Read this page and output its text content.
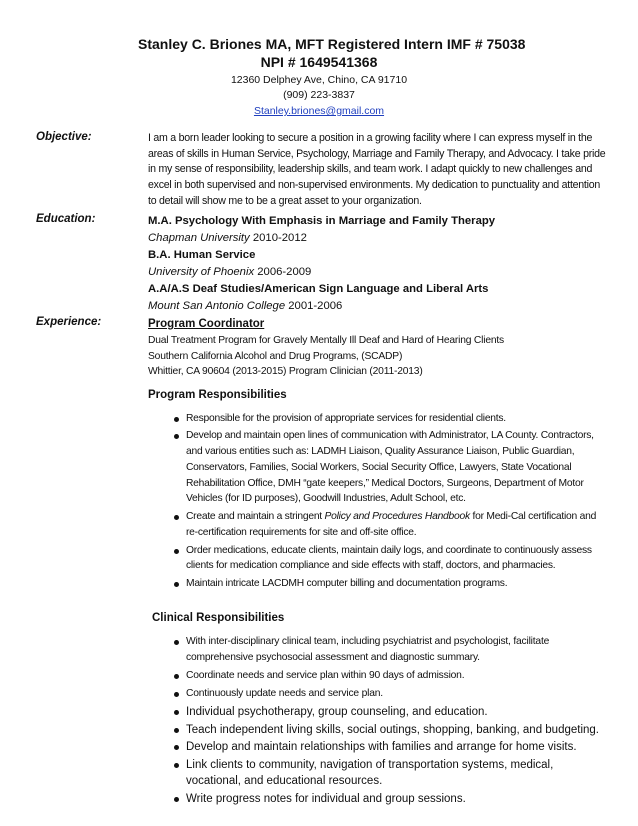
Stanley C. Briones MA, MFT Registered Intern IMF # 75038
NPI # 1649541368
12360 Delphey Ave, Chino, CA 91710
(909) 223-3837
Stanley.briones@gmail.com
Objective:	I am a born leader looking to secure a position in a growing facility where I can express myself in the areas of skills in Human Service, Psychology, Marriage and Family Therapy, and Advocacy. I take pride in my sense of responsibility, leadership skills, and team work. I adapt quickly to new challenges and excel in both supervised and non-supervised environments. My dedication to punctuality and attention to detail will show me to be a great asset to your organization.
Education:	M.A. Psychology With Emphasis in Marriage and Family Therapy
Chapman University 2010-2012
B.A. Human Service
University of Phoenix 2006-2009
A.A/A.S Deaf Studies/American Sign Language and Liberal Arts
Mount San Antonio College 2001-2006
Experience:	Program Coordinator
Dual Treatment Program for Gravely Mentally Ill Deaf and Hard of Hearing Clients
Southern California Alcohol and Drug Programs, (SCADP)
Whittier, CA 90604 (2013-2015) Program Clinician (2011-2013)
Program Responsibilities
Responsible for the provision of appropriate services for residential clients.
Develop and maintain open lines of communication with Administrator, LA County. Contractors, and various entities such as: LADMH Liaison, Quality Assurance Liaison, Public Guardian, Conservators, Families, Social Workers, Social Security Office, Lawyers, State Vocational Rehabilitation Office, DMH “gate keepers,” Medical Doctors, Surgeons, Department of Motor Vehicles (for ID purposes), Goodwill Industries, Adult School, etc.
Create and maintain a stringent Policy and Procedures Handbook for Medi-Cal certification and re-certification requirements for site and off-site office.
Order medications, educate clients, maintain daily logs, and coordinate to continuously assess clients for medication compliance and side effects with staff, doctors, and pharmacies.
Maintain intricate LACDMH computer billing and documentation programs.
Clinical Responsibilities
With inter-disciplinary clinical team, including psychiatrist and psychologist, facilitate comprehensive psychosocial assessment and diagnostic summary.
Coordinate needs and service plan within 90 days of admission.
Continuously update needs and service plan.
Individual psychotherapy, group counseling, and education.
Teach independent living skills, social outings, shopping, banking, and budgeting.
Develop and maintain relationships with families and arrange for home visits.
Link clients to community, navigation of transportation systems, medical, vocational, and educational resources.
Write progress notes for individual and group sessions.
